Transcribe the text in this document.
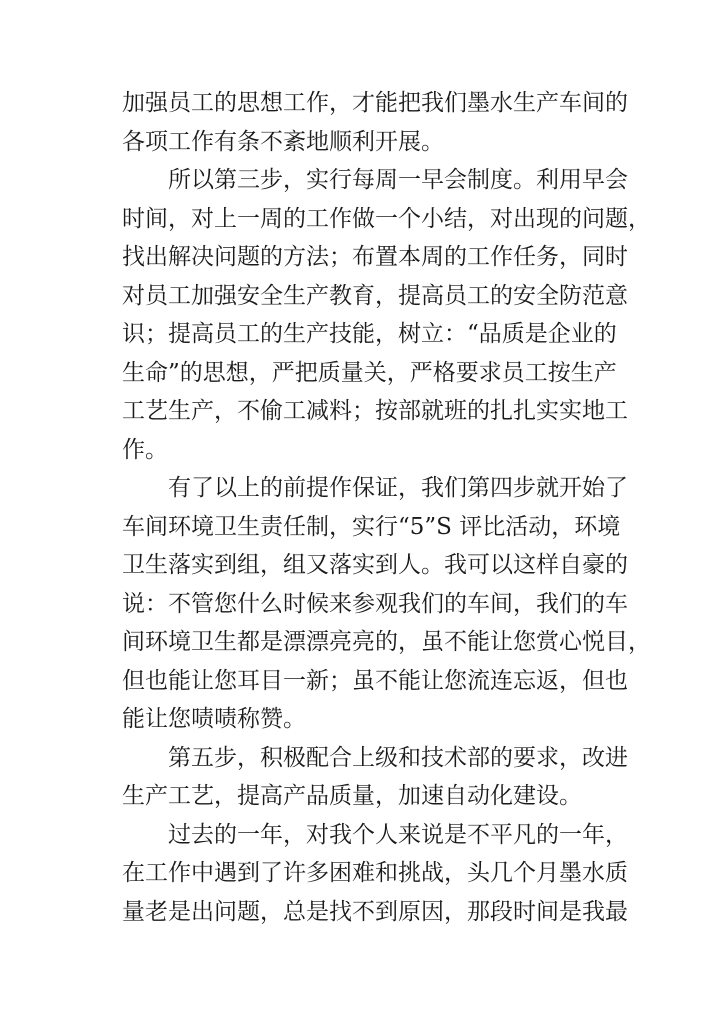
加强员工的思想工作，才能把我们墨水生产车间的
各项工作有条不紊地顺利开展。
所以第三步，实行每周一早会制度。利用早会
时间，对上一周的工作做一个小结，对出现的问题，
找出解决问题的方法；布置本周的工作任务，同时
对员工加强安全生产教育，提高员工的安全防范意
识；提高员工的生产技能，树立：“品质是企业的
生命”的思想，严把质量关，严格要求员工按生产
工艺生产，不偷工减料；按部就班的扎扎实实地工
作。
有了以上的前提作保证，我们第四步就开始了
车间环境卫生责任制，实行“5”S 评比活动，环境
卫生落实到组，组又落实到人。我可以这样自豪的
说：不管您什么时候来参观我们的车间，我们的车
间环境卫生都是漂漂亮亮的，虽不能让您赏心悦目，
但也能让您耳目一新；虽不能让您流连忘返，但也
能让您啧啧称赞。
第五步，积极配合上级和技术部的要求，改进
生产工艺，提高产品质量，加速自动化建设。
过去的一年，对我个人来说是不平凡的一年，
在工作中遇到了许多困难和挑战，头几个月墨水质
量老是出问题，总是找不到原因，那段时间是我最
